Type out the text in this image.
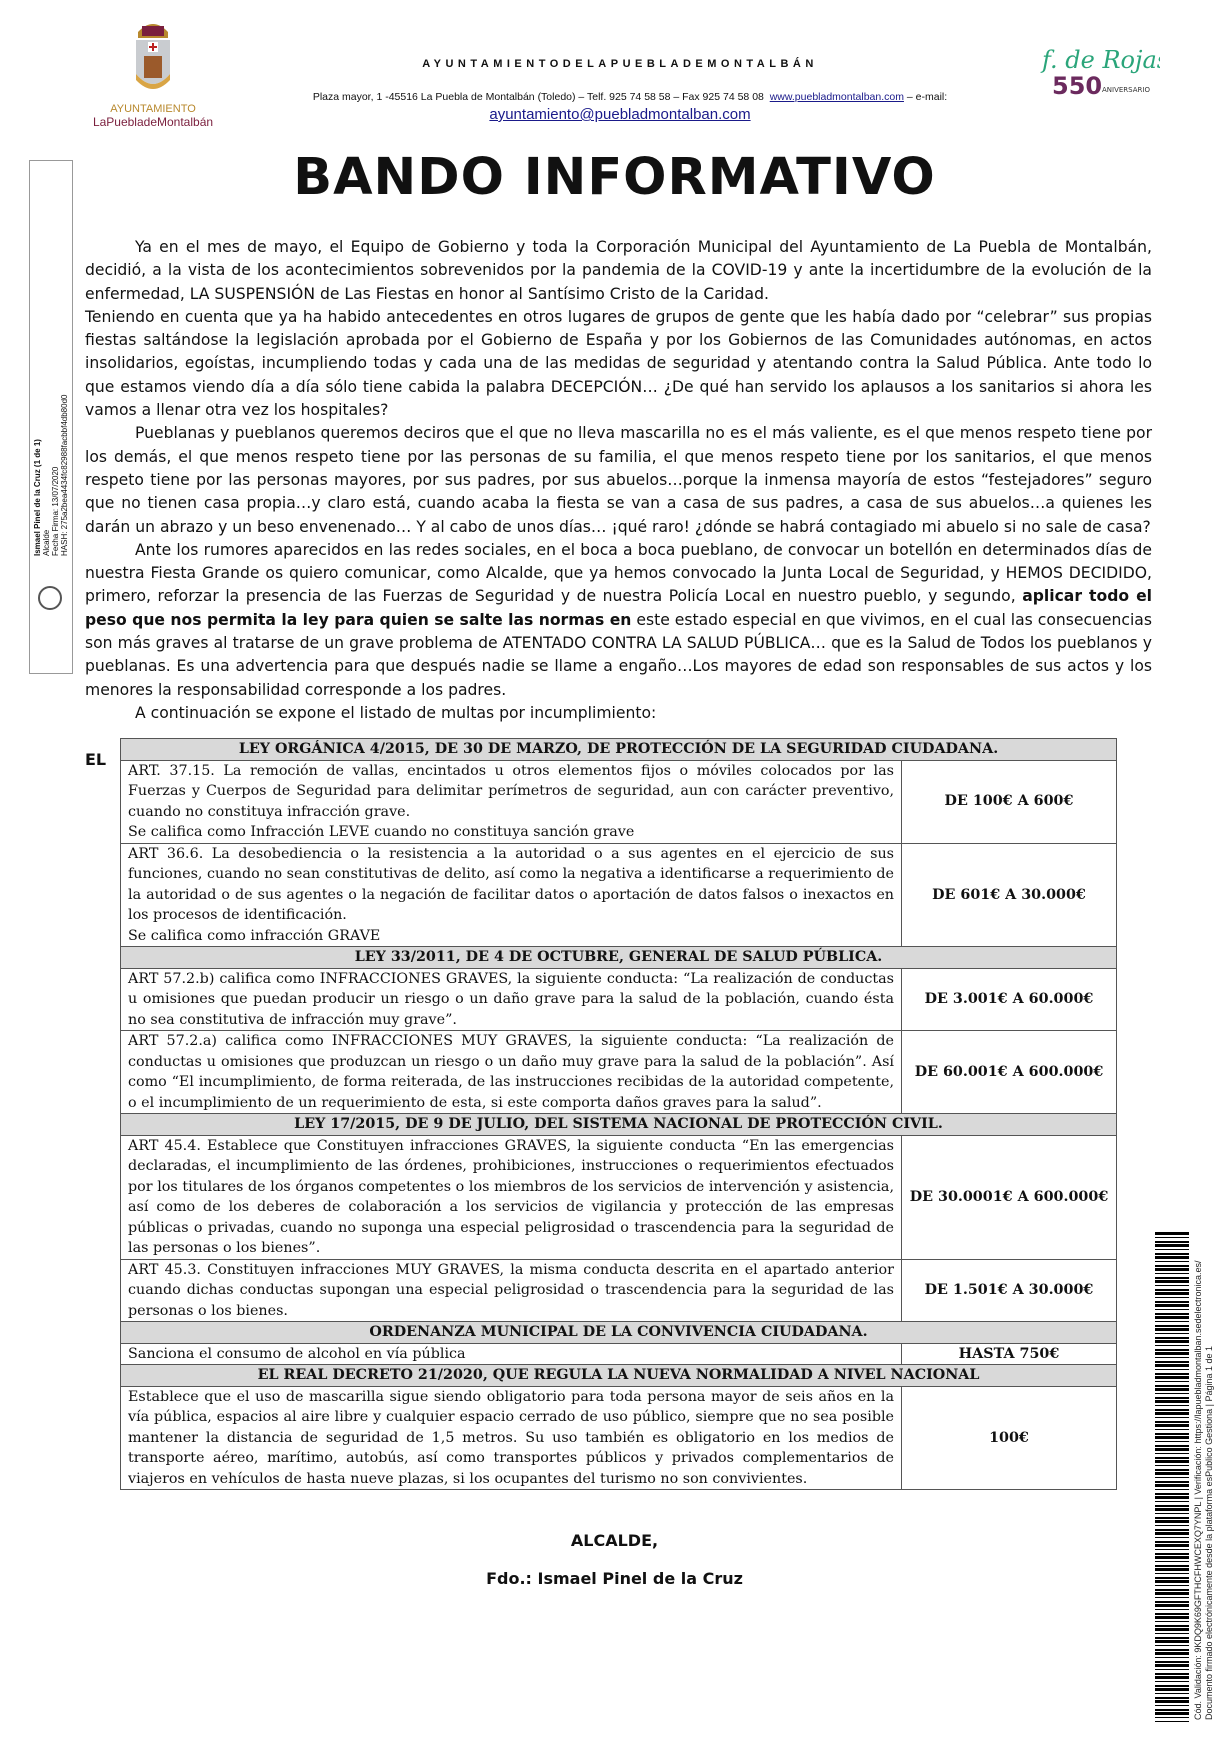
AYUNTAMIENTO
LaPuebladeMontalbán
AYUNTAMIENTODELAPUEBLADEMONTALBÁN
Plaza mayor, 1 -45516 La Puebla de Montalbán (Toledo) – Telf. 925 74 58 58 – Fax 925 74 58 08 www.puebladmontalban.com – e-mail:
ayuntamiento@puebladmontalban.com
f. de Rojas
550 ANIVERSARIO
BANDO INFORMATIVO
Ismael Pinel de la Cruz (1 de 1) Alcalde Fecha Firma: 13/07/2020 HASH: 275a2bea4434fc82988facbbf4db80d0

Ya en el mes de mayo, el Equipo de Gobierno y toda la Corporación Municipal del Ayuntamiento de La Puebla de Montalbán, decidió, a la vista de los acontecimientos sobrevenidos por la pandemia de la COVID-19 y ante la incertidumbre de la evolución de la enfermedad, LA SUSPENSIÓN de Las Fiestas en honor al Santísimo Cristo de la Caridad.

Teniendo en cuenta que ya ha habido antecedentes en otros lugares de grupos de gente que les había dado por “celebrar” sus propias fiestas saltándose la legislación aprobada por el Gobierno de España y por los Gobiernos de las Comunidades autónomas, en actos insolidarios, egoístas, incumpliendo todas y cada una de las medidas de seguridad y atentando contra la Salud Pública. Ante todo lo que estamos viendo día a día sólo tiene cabida la palabra DECEPCIÓN… ¿De qué han servido los aplausos a los sanitarios si ahora les vamos a llenar otra vez los hospitales?

Pueblanas y pueblanos queremos deciros que el que no lleva mascarilla no es el más valiente, es el que menos respeto tiene por los demás, el que menos respeto tiene por las personas de su familia, el que menos respeto tiene por los sanitarios, el que menos respeto tiene por las personas mayores, por sus padres, por sus abuelos…porque la inmensa mayoría de estos “festejadores” seguro que no tienen casa propia…y claro está, cuando acaba la fiesta se van a casa de sus padres, a casa de sus abuelos…a quienes les darán un abrazo y un beso envenenado… Y al cabo de unos días… ¡qué raro! ¿dónde se habrá contagiado mi abuelo si no sale de casa?

Ante los rumores aparecidos en las redes sociales, en el boca a boca pueblano, de convocar un botellón en determinados días de nuestra Fiesta Grande os quiero comunicar, como Alcalde, que ya hemos convocado la Junta Local de Seguridad, y HEMOS DECIDIDO, primero, reforzar la presencia de las Fuerzas de Seguridad y de nuestra Policía Local en nuestro pueblo, y segundo, aplicar todo el peso que nos permita la ley para quien se salte las normas en este estado especial en que vivimos, en el cual las consecuencias son más graves al tratarse de un grave problema de ATENTADO CONTRA LA SALUD PÚBLICA… que es la Salud de Todos los pueblanos y pueblanas. Es una advertencia para que después nadie se llame a engaño…Los mayores de edad son responsables de sus actos y los menores la responsabilidad corresponde a los padres.

A continuación se expone el listado de multas por incumplimiento:

EL
LEY ORGÁNICA 4/2015, DE 30 DE MARZO, DE PROTECCIÓN DE LA SEGURIDAD CIUDADANA.	

ART. 37.15. La remoción de vallas, encintados u otros elementos fijos o móviles colocados por las Fuerzas y Cuerpos de Seguridad para delimitar perímetros de seguridad, aun con carácter preventivo, cuando no constituya infracción grave.
Se califica como Infracción LEVE cuando no constituya sanción grave	DE 100€ A 600€

ART 36.6. La desobediencia o la resistencia a la autoridad o a sus agentes en el ejercicio de sus funciones, cuando no sean constitutivas de delito, así como la negativa a identificarse a requerimiento de la autoridad o de sus agentes o la negación de facilitar datos o aportación de datos falsos o inexactos en los procesos de identificación.
Se califica como infracción GRAVE	DE 601€ A 30.000€
LEY 33/2011, DE 4 DE OCTUBRE, GENERAL DE SALUD PÚBLICA.	

ART 57.2.b) califica como INFRACCIONES GRAVES, la siguiente conducta: “La realización de conductas u omisiones que puedan producir un riesgo o un daño grave para la salud de la población, cuando ésta no sea constitutiva de infracción muy grave”.	DE 3.001€ A 60.000€

ART 57.2.a) califica como INFRACCIONES MUY GRAVES, la siguiente conducta: “La realización de conductas u omisiones que produzcan un riesgo o un daño muy grave para la salud de la población”. Así como “El incumplimiento, de forma reiterada, de las instrucciones recibidas de la autoridad competente, o el incumplimiento de un requerimiento de esta, si este comporta daños graves para la salud”.	DE 60.001€ A 600.000€
LEY 17/2015, DE 9 DE JULIO, DEL SISTEMA NACIONAL DE PROTECCIÓN CIVIL.	

ART 45.4. Establece que Constituyen infracciones GRAVES, la siguiente conducta “En las emergencias declaradas, el incumplimiento de las órdenes, prohibiciones, instrucciones o requerimientos efectuados por los titulares de los órganos competentes o los miembros de los servicios de intervención y asistencia, así como de los deberes de colaboración a los servicios de vigilancia y protección de las empresas públicas o privadas, cuando no suponga una especial peligrosidad o trascendencia para la seguridad de las personas o los bienes”.	DE 30.0001€ A 600.000€

ART 45.3. Constituyen infracciones MUY GRAVES, la misma conducta descrita en el apartado anterior cuando dichas conductas supongan una especial peligrosidad o trascendencia para la seguridad de las personas o los bienes.	DE 1.501€ A 30.000€
ORDENANZA MUNICIPAL DE LA CONVIVENCIA CIUDADANA.	

Sanciona el consumo de alcohol en vía pública	HASTA 750€
EL REAL DECRETO 21/2020, QUE REGULA LA NUEVA NORMALIDAD A NIVEL NACIONAL	

Establece que el uso de mascarilla sigue siendo obligatorio para toda persona mayor de seis años en la vía pública, espacios al aire libre y cualquier espacio cerrado de uso público, siempre que no sea posible mantener la distancia de seguridad de 1,5 metros. Su uso también es obligatorio en los medios de transporte aéreo, marítimo, autobús, así como transportes públicos y privados complementarios de viajeros en vehículos de hasta nueve plazas, si los ocupantes del turismo no son convivientes.	100€
ALCALDE,
Fdo.: Ismael Pinel de la Cruz	Cód. Validación: 9KDQ9K69GFTHCFHWCEXQ7YNPL | Verificación: https://lapuebladmontalban.sedelectronica.es/ Documento firmado electrónicamente desde la plataforma esPublico Gestiona | Página 1 de 1
